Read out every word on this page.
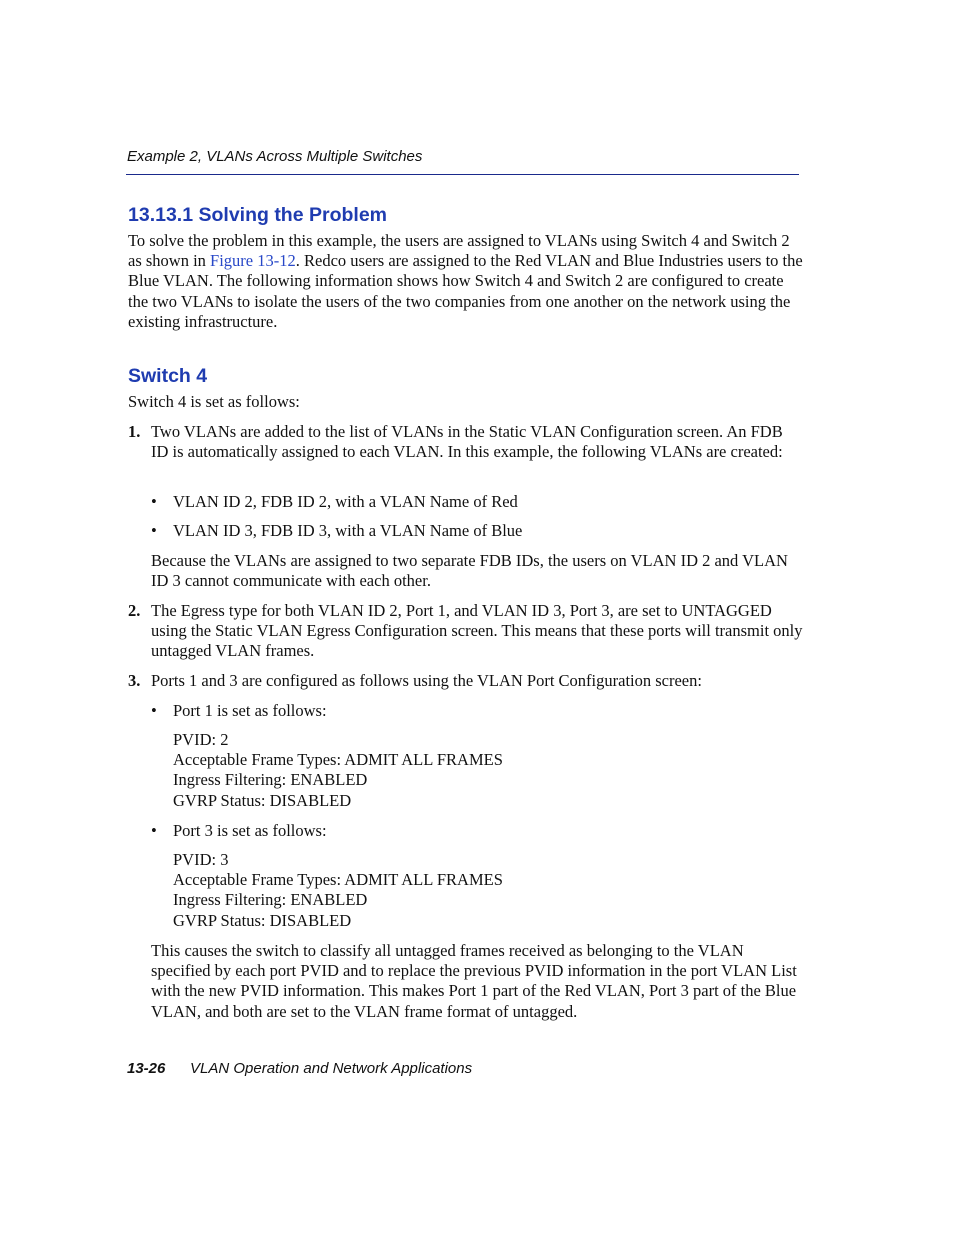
Example 2, VLANs Across Multiple Switches
13.13.1 Solving the Problem
To solve the problem in this example, the users are assigned to VLANs using Switch 4 and Switch 2 as shown in Figure 13-12. Redco users are assigned to the Red VLAN and Blue Industries users to the Blue VLAN. The following information shows how Switch 4 and Switch 2 are configured to create the two VLANs to isolate the users of the two companies from one another on the network using the existing infrastructure.
Switch 4
Switch 4 is set as follows:
1. Two VLANs are added to the list of VLANs in the Static VLAN Configuration screen. An FDB ID is automatically assigned to each VLAN. In this example, the following VLANs are created:
• VLAN ID 2, FDB ID 2, with a VLAN Name of Red
• VLAN ID 3, FDB ID 3, with a VLAN Name of Blue
Because the VLANs are assigned to two separate FDB IDs, the users on VLAN ID 2 and VLAN ID 3 cannot communicate with each other.
2. The Egress type for both VLAN ID 2, Port 1, and VLAN ID 3, Port 3, are set to UNTAGGED using the Static VLAN Egress Configuration screen. This means that these ports will transmit only untagged VLAN frames.
3. Ports 1 and 3 are configured as follows using the VLAN Port Configuration screen:
• Port 1 is set as follows:
PVID: 2
Acceptable Frame Types: ADMIT ALL FRAMES
Ingress Filtering: ENABLED
GVRP Status: DISABLED
• Port 3 is set as follows:
PVID: 3
Acceptable Frame Types: ADMIT ALL FRAMES
Ingress Filtering: ENABLED
GVRP Status: DISABLED
This causes the switch to classify all untagged frames received as belonging to the VLAN specified by each port PVID and to replace the previous PVID information in the port VLAN List with the new PVID information. This makes Port 1 part of the Red VLAN, Port 3 part of the Blue VLAN, and both are set to the VLAN frame format of untagged.
13-26 VLAN Operation and Network Applications
